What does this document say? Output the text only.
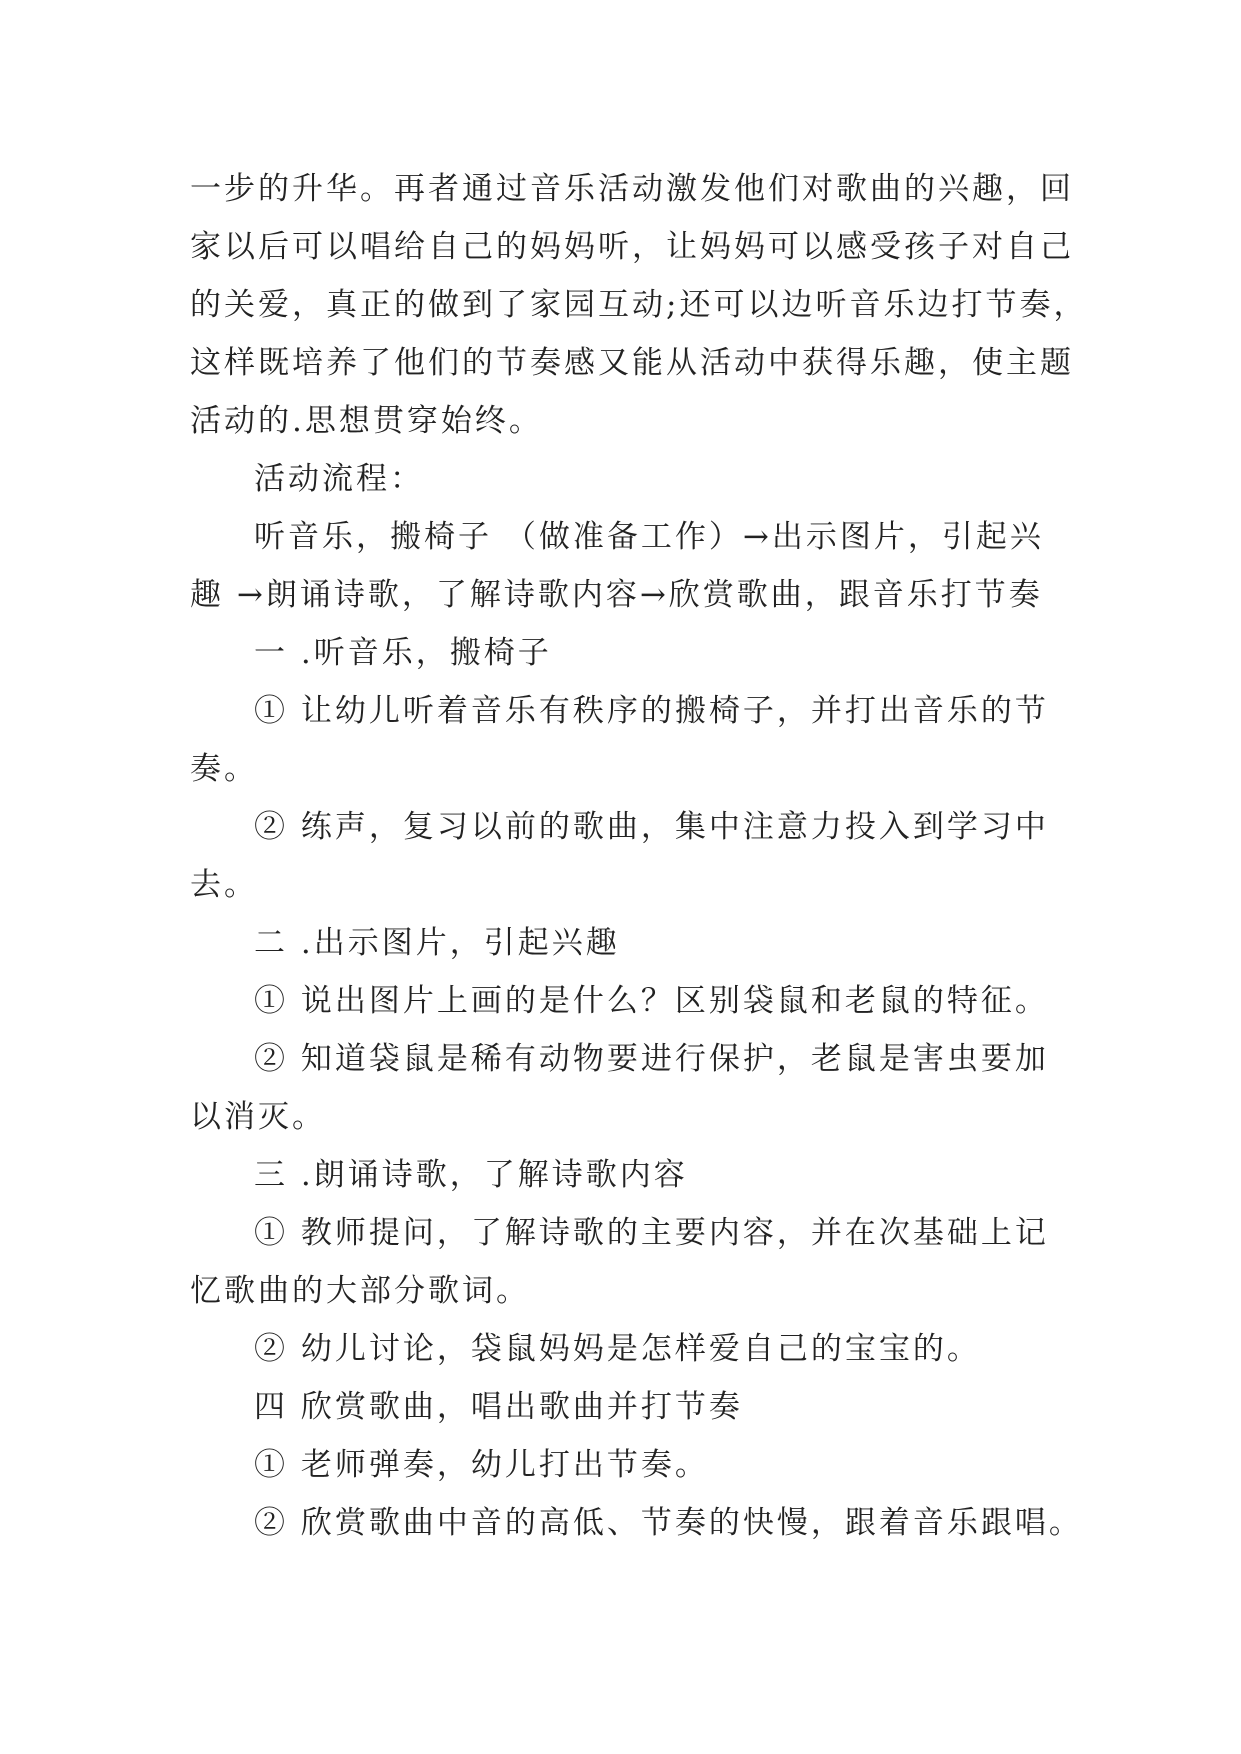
一步的升华。再者通过音乐活动激发他们对歌曲的兴趣，回
家以后可以唱给自己的妈妈听，让妈妈可以感受孩子对自己
的关爱，真正的做到了家园互动;还可以边听音乐边打节奏，
这样既培养了他们的节奏感又能从活动中获得乐趣，使主题
活动的.思想贯穿始终。

活动流程：

听音乐，搬椅子 （做准备工作）→出示图片，引起兴
趣 →朗诵诗歌，了解诗歌内容→欣赏歌曲，跟音乐打节奏

一 .听音乐，搬椅子

① 让幼儿听着音乐有秩序的搬椅子，并打出音乐的节
奏。

② 练声，复习以前的歌曲，集中注意力投入到学习中
去。

二 .出示图片，引起兴趣

① 说出图片上画的是什么？区别袋鼠和老鼠的特征。

② 知道袋鼠是稀有动物要进行保护，老鼠是害虫要加
以消灭。

三 .朗诵诗歌，了解诗歌内容

① 教师提问，了解诗歌的主要内容，并在次基础上记
忆歌曲的大部分歌词。

② 幼儿讨论，袋鼠妈妈是怎样爱自己的宝宝的。

四 欣赏歌曲，唱出歌曲并打节奏

① 老师弹奏，幼儿打出节奏。

② 欣赏歌曲中音的高低、节奏的快慢，跟着音乐跟唱。
